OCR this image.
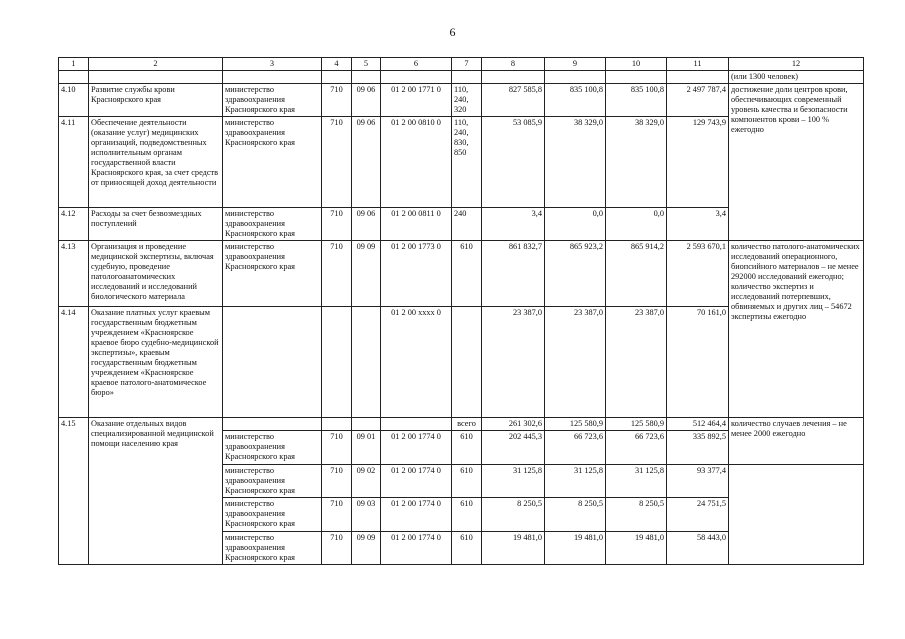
6
1	2	3	4	5	6	7	8	9	10	11	12
											(или 1300 человек)
4.10	Развитие службы крови Красноярского края	министерство здравоохранения Красноярского края	710	09 06	01 2 00 1771 0	110, 240, 320	827 585,8	835 100,8	835 100,8	2 497 787,4	достижение доли центров крови, обеспечивающих современный уровень качества и безопасности компонентов крови – 100 % ежегодно
4.11	Обеспечение деятельности (оказание услуг) медицинских организаций, подведомственных исполнительным органам государственной власти Красноярского края, за счет средств от приносящей доход деятельности	министерство здравоохранения Красноярского края	710	09 06	01 2 00 0810 0	110, 240, 830, 850	53 085,9	38 329,0	38 329,0	129 743,9	
4.12	Расходы за счет безвозмездных поступлений	министерство здравоохранения Красноярского края	710	09 06	01 2 00 0811 0	240	3,4	0,0	0,0	3,4	
4.13	Организация и проведение медицинской экспертизы, включая судебную, проведение патологоанатомических исследований и исследований биологического материала	министерство здравоохранения Красноярского края	710	09 09	01 2 00 1773 0	610	861 832,7	865 923,2	865 914,2	2 593 670,1	количество патолого-анатомических исследований операционного, биопсийного материалов – не менее 292000 исследований ежегодно; количество экспертиз и исследований потерпевших, обвиняемых и других лиц – 54672 экспертизы ежегодно
4.14	Оказание платных услуг краевым государственным бюджетным учреждением «Красноярское краевое бюро судебно-медицинской экспертизы», краевым государственным бюджетным учреждением «Красноярское краевое патолого-анатомическое бюро»				01 2 00 хххх 0		23 387,0	23 387,0	23 387,0	70 161,0	
4.15	Оказание отдельных видов специализированной медицинской помощи населению края					всего	261 302,6	125 580,9	125 580,9	512 464,4	количество случаев лечения – не менее 2000 ежегодно
		министерство здравоохранения Красноярского края	710	09 01	01 2 00 1774 0	610	202 445,3	66 723,6	66 723,6	335 892,5	
		министерство здравоохранения Красноярского края	710	09 02	01 2 00 1774 0	610	31 125,8	31 125,8	31 125,8	93 377,4	
		министерство здравоохранения Красноярского края	710	09 03	01 2 00 1774 0	610	8 250,5	8 250,5	8 250,5	24 751,5	
		министерство здравоохранения Красноярского края	710	09 09	01 2 00 1774 0	610	19 481,0	19 481,0	19 481,0	58 443,0	
